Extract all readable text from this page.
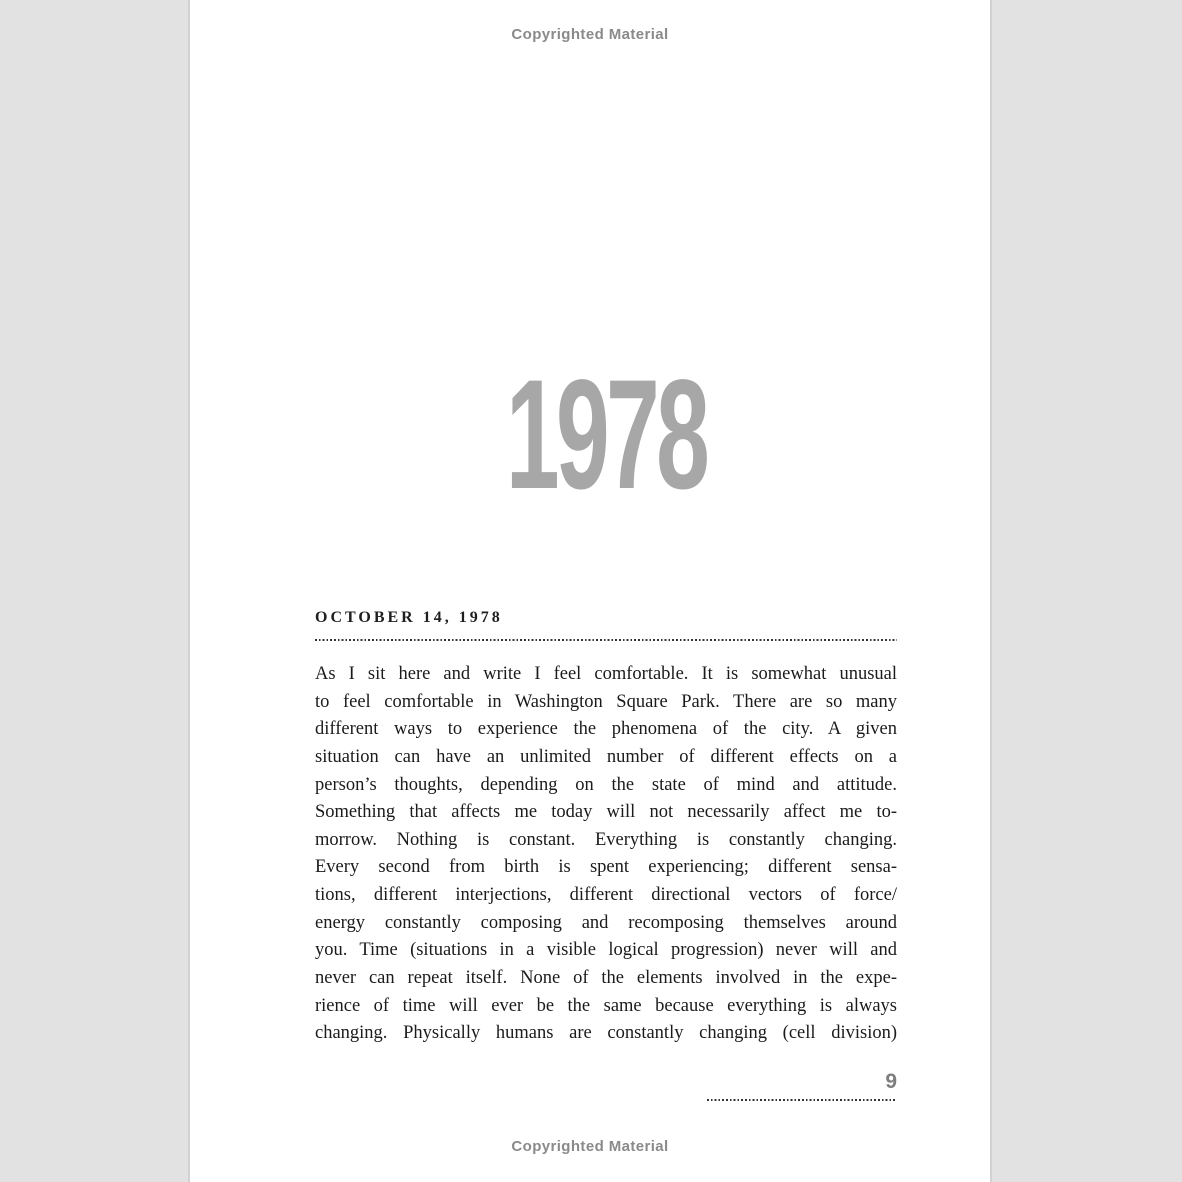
Copyrighted Material
1978
OCTOBER 14, 1978
As I sit here and write I feel comfortable. It is somewhat unusual
to feel comfortable in Washington Square Park. There are so many
different ways to experience the phenomena of the city. A given
situation can have an unlimited number of different effects on a
person’s thoughts, depending on the state of mind and attitude.
Something that affects me today will not necessarily affect me to-
morrow. Nothing is constant. Everything is constantly changing.
Every second from birth is spent experiencing; different sensa-
tions, different interjections, different directional vectors of force/
energy constantly composing and recomposing themselves around
you. Time (situations in a visible logical progression) never will and
never can repeat itself. None of the elements involved in the expe-
rience of time will ever be the same because everything is always
changing. Physically humans are constantly changing (cell division)
9
Copyrighted Material
